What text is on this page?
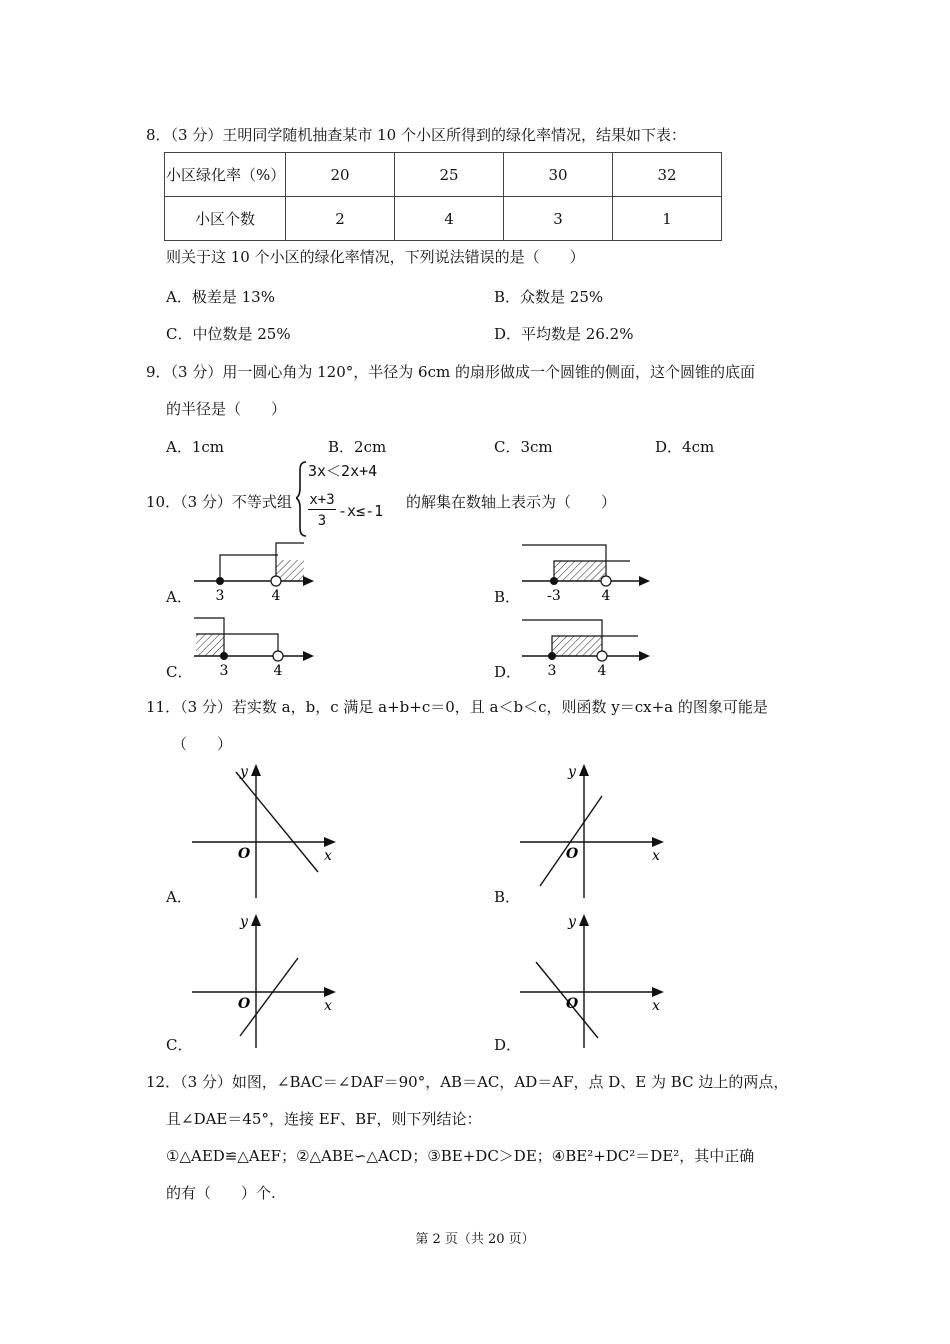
8．（3 分）王明同学随机抽查某市 10 个小区所得到的绿化率情况，结果如下表：
小区绿化率（%）	20	25	30	32
小区个数	2	4	3	1
则关于这 10 个小区的绿化率情况，下列说法错误的是（　　）
A．极差是 13%	B．众数是 25%
C．中位数是 25%	D．平均数是 26.2%
9．（3 分）用一圆心角为 120°，半径为 6cm 的扇形做成一个圆锥的侧面，这个圆锥的底面
的半径是（　　）
A．1cm	B．2cm	C．3cm	D．4cm
10．（3 分）不等式组
3x＜2x+4
x+3
3
-x≤-1 的解集在数轴上表示为（　　）
A． 3	4	B． -3	4
C． 3	4	D． 3	4
11．（3 分）若实数 a，b，c 满足 a+b+c＝0，且 a＜b＜c，则函数 y＝cx+a 的图象可能是
（　　）
y
x
O
A．
y
x
O
B．
y
x
O
C．
y
x
O
D．
12．（3 分）如图，∠BAC＝∠DAF＝90°，AB＝AC，AD＝AF，点 D、E 为 BC 边上的两点，
且∠DAE＝45°，连接 EF、BF，则下列结论：
①△AED≌△AEF；②△ABE∽△ACD；③BE+DC＞DE；④BE²+DC²＝DE²，其中正确
的有（　　）个.
第 2 页（共 20 页）
